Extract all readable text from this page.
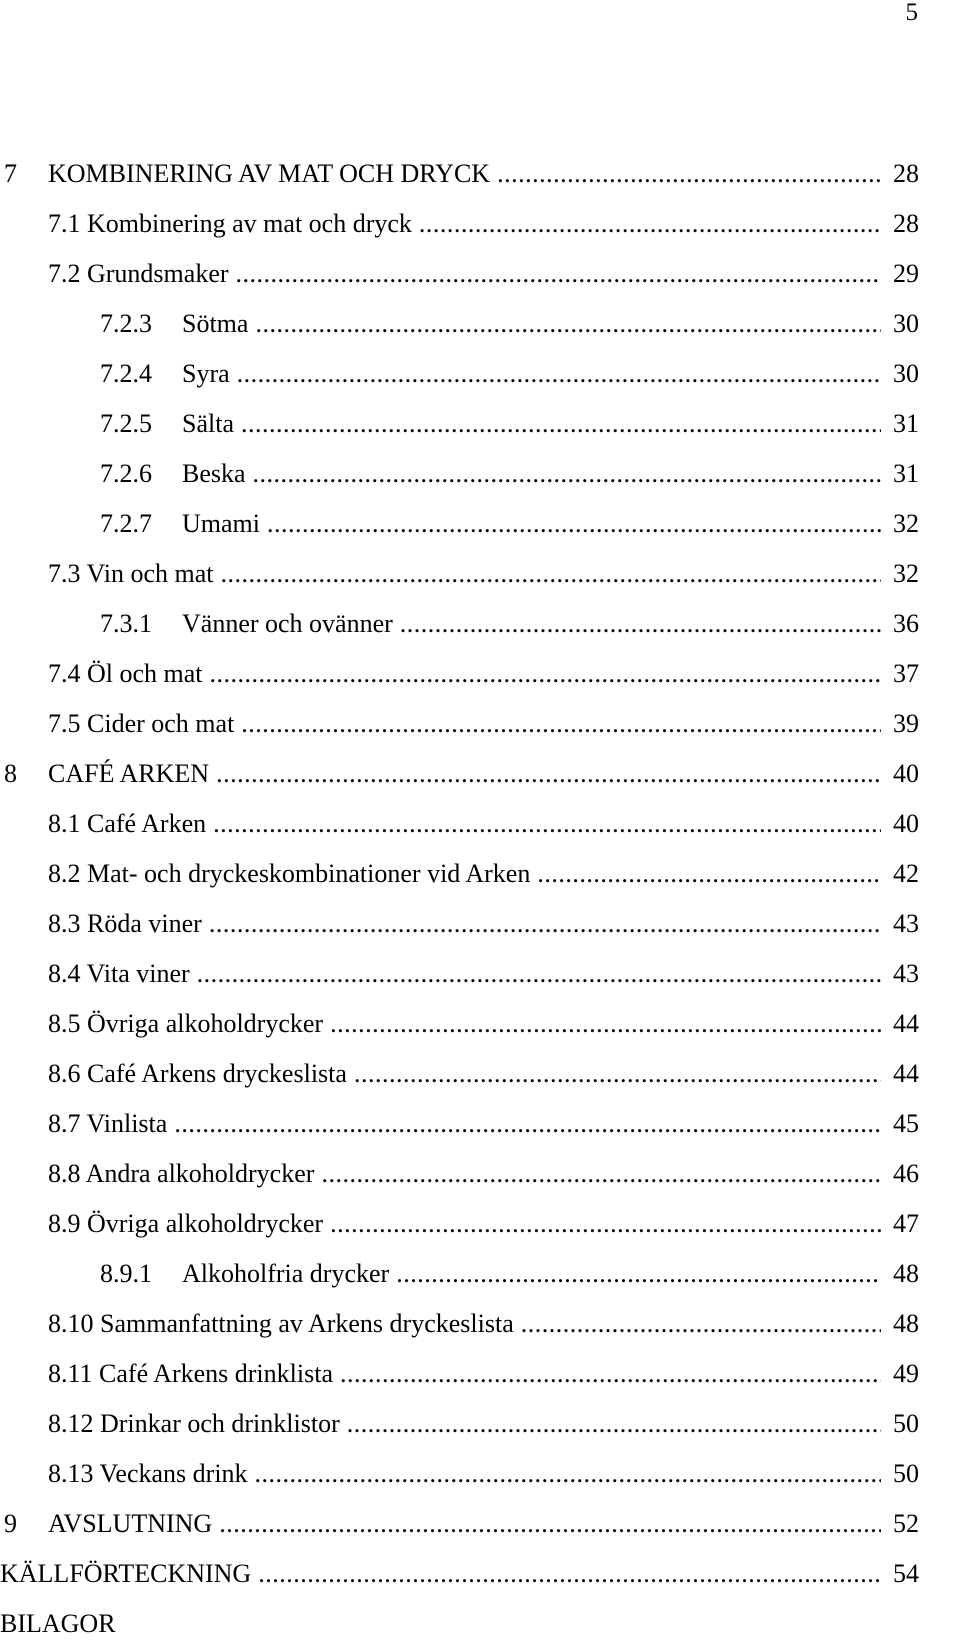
5
7 KOMBINERING AV MAT OCH DRYCK .....	28
7.1 Kombinering av mat och dryck .....	28
7.2 Grundsmaker .....	29
7.2.3 Sötma .....	30
7.2.4 Syra .....	30
7.2.5 Sälta .....	31
7.2.6 Beska .....	31
7.2.7 Umami .....	32
7.3 Vin och mat .....	32
7.3.1 Vänner och ovänner .....	36
7.4 Öl och mat .....	37
7.5 Cider och mat .....	39
8 CAFÉ ARKEN .....	40
8.1 Café Arken .....	40
8.2 Mat- och dryckeskombinationer vid Arken .....	42
8.3 Röda viner .....	43
8.4 Vita viner .....	43
8.5 Övriga alkoholdrycker .....	44
8.6 Café Arkens dryckeslista .....	44
8.7 Vinlista .....	45
8.8 Andra alkoholdrycker .....	46
8.9 Övriga alkoholdrycker .....	47
8.9.1 Alkoholfria drycker .....	48
8.10 Sammanfattning av Arkens dryckeslista .....	48
8.11 Café Arkens drinklista .....	49
8.12 Drinkar och drinklistor .....	50
8.13 Veckans drink .....	50
9 AVSLUTNING .....	52
KÄLLFÖRTECKNING .....	54
BILAGOR
